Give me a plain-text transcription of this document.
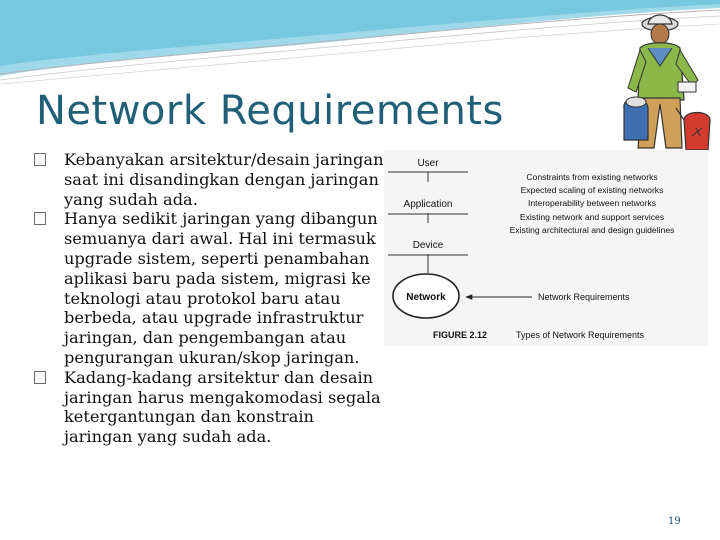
Network Requirements
Kebanyakan arsitektur/desain jaringan saat ini disandingkan dengan jaringan yang sudah ada.
Hanya sedikit jaringan yang dibangun semuanya dari awal. Hal ini termasuk upgrade sistem, seperti penambahan aplikasi baru pada sistem, migrasi ke teknologi atau protokol baru atau berbeda, atau upgrade infrastruktur jaringan, dan pengembangan atau pengurangan ukuran/skop jaringan.
Kadang-kadang arsitektur dan desain jaringan harus mengakomodasi segala ketergantungan dan konstrain jaringan yang sudah ada.
User
Application
Device
Network
Constraints from existing networks
Expected scaling of existing networks
Interoperability between networks
Existing network and support services
Existing architectural and design guidelines
Network Requirements
FIGURE 2.12	Types of Network Requirements
19
